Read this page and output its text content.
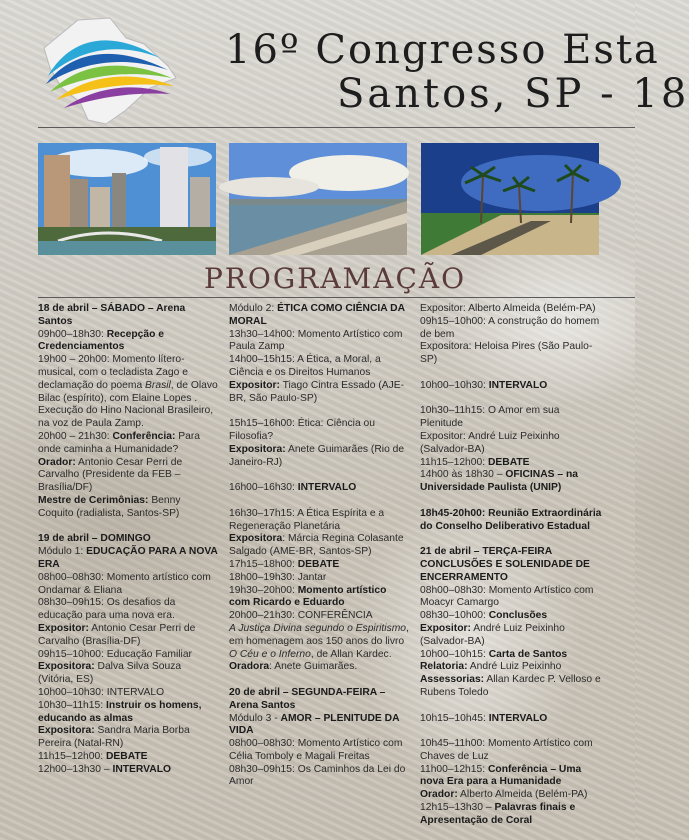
16º Congresso Esta
Santos, SP - 18
PROGRAMAÇÃO

18 de abril – SÁBADO – Arena Santos

09h00–18h30: Recepção e Credenciamentos

19h00 – 20h00: Momento lítero-musical, com o tecladista Zago e declamação do poema Brasil, de Olavo Bilac (espírito), com Elaine Lopes . Execução do Hino Nacional Brasileiro, na voz de Paula Zamp.

20h00 – 21h30: Conferência: Para onde caminha a Humanidade?

Orador: Antonio Cesar Perri de Carvalho (Presidente da FEB – Brasília/DF)

Mestre de Cerimônias: Benny Coquito (radialista, Santos-SP)

19 de abril – DOMINGO

Módulo 1: EDUCAÇÃO PARA A NOVA ERA

08h00–08h30: Momento artístico com Ondamar & Eliana

08h30–09h15: Os desafios da educação para uma nova era.

Expositor: Antonio Cesar Perri de Carvalho (Brasília-DF)

09h15–10h00: Educação Familiar

Expositora: Dalva Silva Souza (Vitória, ES)

10h00–10h30: INTERVALO

10h30–11h15: Instruir os homens, educando as almas

Expositora: Sandra Maria Borba Pereira (Natal-RN)

11h15–12h00: DEBATE

12h00–13h30 – INTERVALO

Módulo 2: ÉTICA COMO CIÊNCIA DA MORAL

13h30–14h00: Momento Artístico com Paula Zamp

14h00–15h15: A Ética, a Moral, a Ciência e os Direitos Humanos

Expositor: Tiago Cintra Essado (AJE-BR, São Paulo-SP)

15h15–16h00: Ética: Ciência ou Filosofia?

Expositora: Anete Guimarães (Rio de Janeiro-RJ)

16h00–16h30: INTERVALO

16h30–17h15: A Ética Espírita e a Regeneração Planetária

Expositora: Márcia Regina Colasante Salgado (AME-BR, Santos-SP)

17h15–18h00: DEBATE

18h00–19h30: Jantar

19h30–20h00: Momento artístico com Ricardo e Eduardo

20h00–21h30: CONFERÊNCIA

A Justiça Divina segundo o Espiritismo, em homenagem aos 150 anos do livro O Céu e o Inferno, de Allan Kardec.

Oradora: Anete Guimarães.

20 de abril – SEGUNDA-FEIRA – Arena Santos

Módulo 3 - AMOR – PLENITUDE DA VIDA

08h00–08h30: Momento Artístico com Célia Tomboly e Magali Freitas

08h30–09h15: Os Caminhos da Lei do Amor

Expositor: Alberto Almeida (Belém-PA)

09h15–10h00: A construção do homem de bem

Expositora: Heloisa Pires (São Paulo-SP)

10h00–10h30: INTERVALO

10h30–11h15: O Amor em sua Plenitude

Expositor: André Luiz Peixinho (Salvador-BA)

11h15–12h00: DEBATE

14h00 às 18h30 – OFICINAS – na Universidade Paulista (UNIP)

18h45-20h00: Reunião Extraordinária do Conselho Deliberativo Estadual

21 de abril – TERÇA-FEIRA CONCLUSÕES E SOLENIDADE DE ENCERRAMENTO

08h00–08h30: Momento Artístico com Moacyr Camargo

08h30–10h00: Conclusões

Expositor: André Luiz Peixinho (Salvador-BA)

10h00–10h15: Carta de Santos

Relatoria: André Luiz Peixinho

Assessorias: Allan Kardec P. Velloso e Rubens Toledo

10h15–10h45: INTERVALO

10h45–11h00: Momento Artístico com Chaves de Luz

11h00–12h15: Conferência – Uma nova Era para a Humanidade

Orador: Alberto Almeida (Belém-PA)

12h15–13h30 – Palavras finais e Apresentação de Coral
